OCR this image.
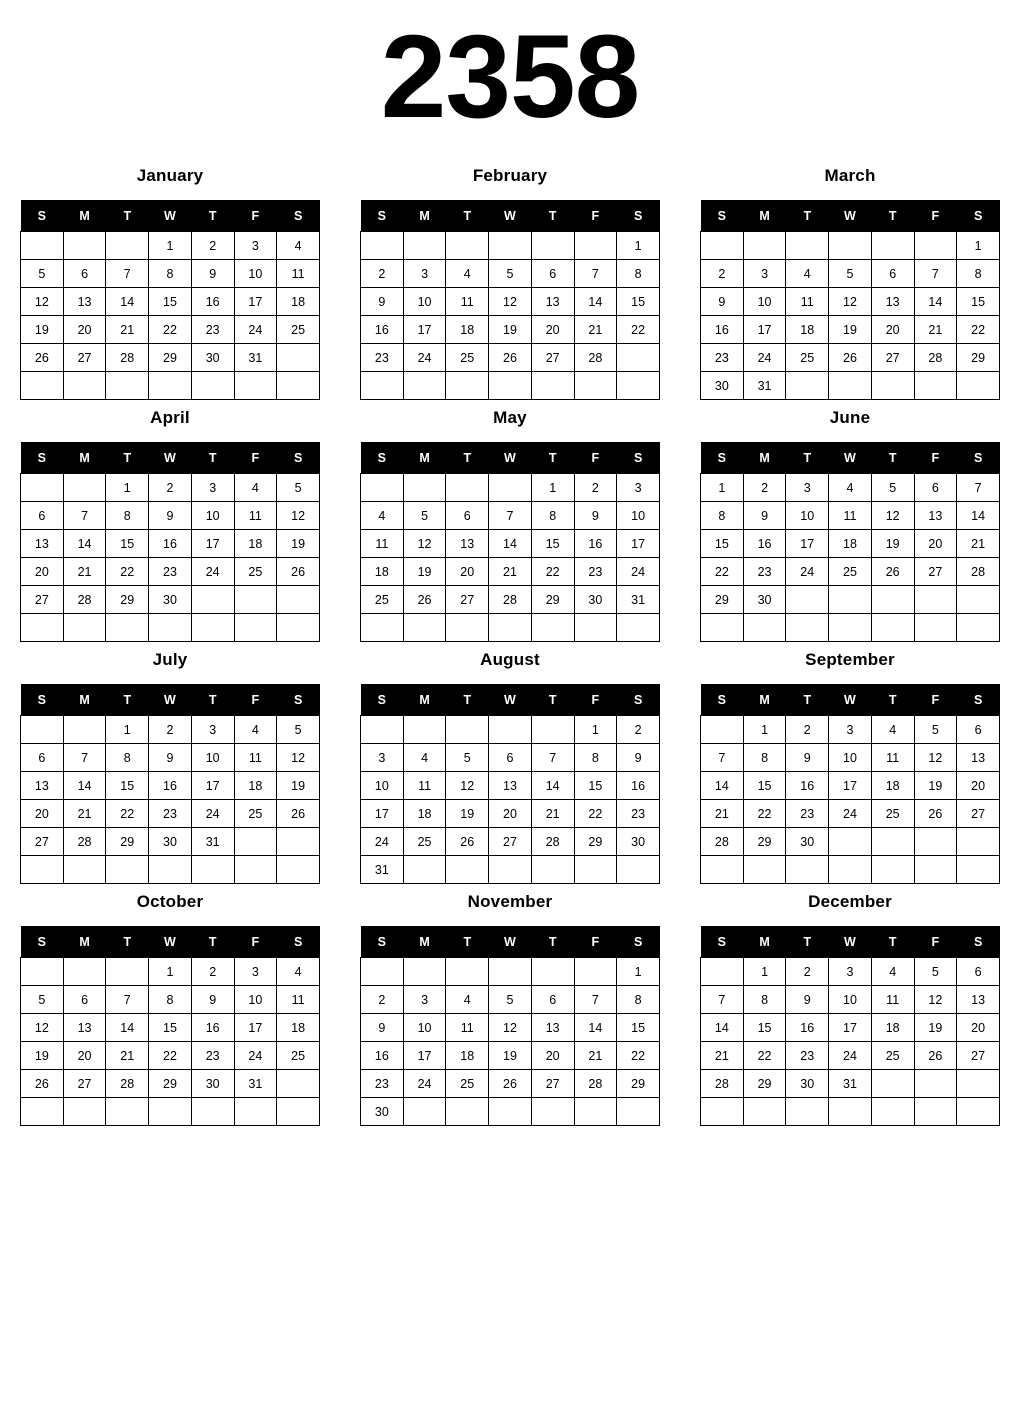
2358
January
S	M	T	W	T	F	S
			1	2	3	4
5	6	7	8	9	10	11
12	13	14	15	16	17	18
19	20	21	22	23	24	25
26	27	28	29	30	31	

February
S	M	T	W	T	F	S
						1
2	3	4	5	6	7	8
9	10	11	12	13	14	15
16	17	18	19	20	21	22
23	24	25	26	27	28	

March
S	M	T	W	T	F	S
						1
2	3	4	5	6	7	8
9	10	11	12	13	14	15
16	17	18	19	20	21	22
23	24	25	26	27	28	29
30	31					
April
S	M	T	W	T	F	S
		1	2	3	4	5
6	7	8	9	10	11	12
13	14	15	16	17	18	19
20	21	22	23	24	25	26
27	28	29	30			

May
S	M	T	W	T	F	S
				1	2	3
4	5	6	7	8	9	10
11	12	13	14	15	16	17
18	19	20	21	22	23	24
25	26	27	28	29	30	31

June
S	M	T	W	T	F	S
1	2	3	4	5	6	7
8	9	10	11	12	13	14
15	16	17	18	19	20	21
22	23	24	25	26	27	28
29	30					

July
S	M	T	W	T	F	S
		1	2	3	4	5
6	7	8	9	10	11	12
13	14	15	16	17	18	19
20	21	22	23	24	25	26
27	28	29	30	31		

August
S	M	T	W	T	F	S
					1	2
3	4	5	6	7	8	9
10	11	12	13	14	15	16
17	18	19	20	21	22	23
24	25	26	27	28	29	30
31						
September
S	M	T	W	T	F	S
	1	2	3	4	5	6
7	8	9	10	11	12	13
14	15	16	17	18	19	20
21	22	23	24	25	26	27
28	29	30				

October
S	M	T	W	T	F	S
			1	2	3	4
5	6	7	8	9	10	11
12	13	14	15	16	17	18
19	20	21	22	23	24	25
26	27	28	29	30	31	

November
S	M	T	W	T	F	S
						1
2	3	4	5	6	7	8
9	10	11	12	13	14	15
16	17	18	19	20	21	22
23	24	25	26	27	28	29
30						
December
S	M	T	W	T	F	S
	1	2	3	4	5	6
7	8	9	10	11	12	13
14	15	16	17	18	19	20
21	22	23	24	25	26	27
28	29	30	31			
